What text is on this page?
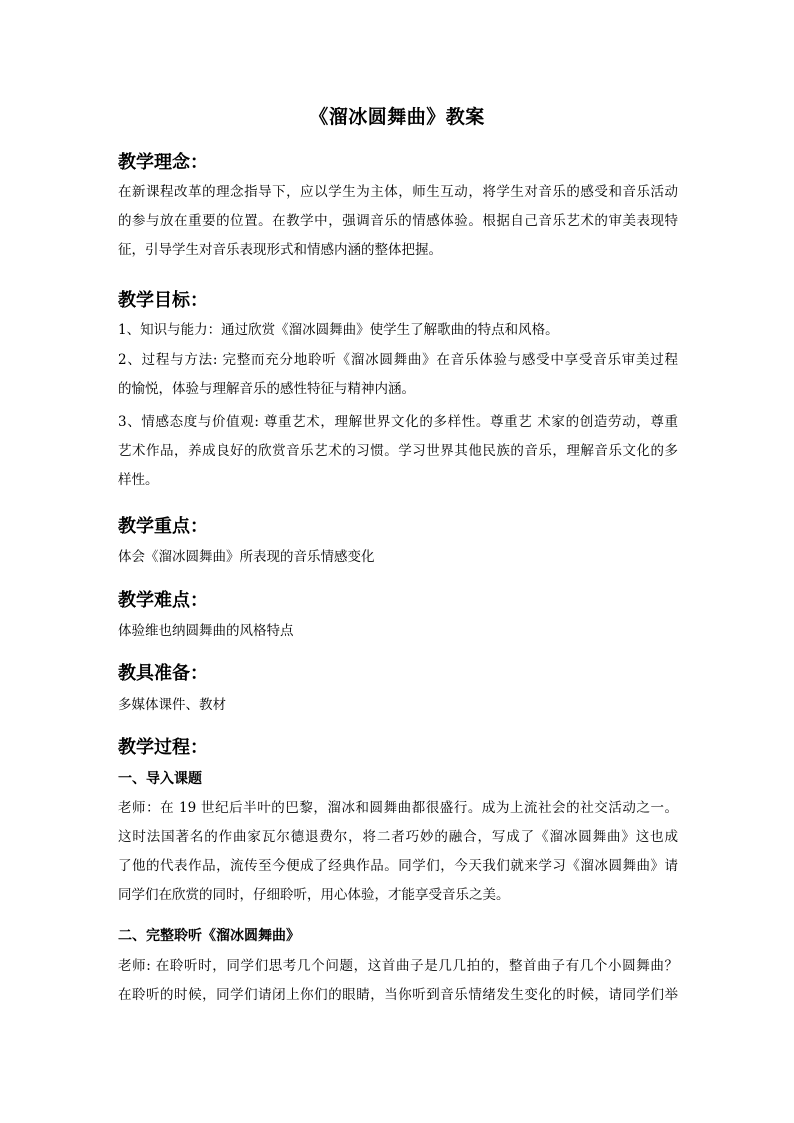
《溜冰圆舞曲》教案
教学理念：
在新课程改革的理念指导下，应以学生为主体，师生互动，将学生对音乐的感受和音乐活动
的参与放在重要的位置。在教学中，强调音乐的情感体验。根据自己音乐艺术的审美表现特
征，引导学生对音乐表现形式和情感内涵的整体把握。
教学目标：
1、知识与能力：通过欣赏《溜冰圆舞曲》使学生了解歌曲的特点和风格。
2、过程与方法: 完整而充分地聆听《溜冰圆舞曲》在音乐体验与感受中享受音乐审美过程
的愉悦，体验与理解音乐的感性特征与精神内涵。
3、情感态度与价值观: 尊重艺术，理解世界文化的多样性。尊重艺 术家的创造劳动，尊重
艺术作品，养成良好的欣赏音乐艺术的习惯。学习世界其他民族的音乐，理解音乐文化的多
样性。
教学重点：
体会《溜冰圆舞曲》所表现的音乐情感变化
教学难点：
体验维也纳圆舞曲的风格特点
教具准备：
多媒体课件、教材
教学过程：
一、导入课题
老师：在 19 世纪后半叶的巴黎，溜冰和圆舞曲都很盛行。成为上流社会的社交活动之一。
这时法国著名的作曲家瓦尔德退费尔，将二者巧妙的融合，写成了《溜冰圆舞曲》这也成
了他的代表作品，流传至今便成了经典作品。同学们，今天我们就来学习《溜冰圆舞曲》请
同学们在欣赏的同时，仔细聆听，用心体验，才能享受音乐之美。
二、完整聆听《溜冰圆舞曲》
老师: 在聆听时，同学们思考几个问题，这首曲子是几几拍的，整首曲子有几个小圆舞曲？
在聆听的时候，同学们请闭上你们的眼睛，当你听到音乐情绪发生变化的时候，请同学们举
